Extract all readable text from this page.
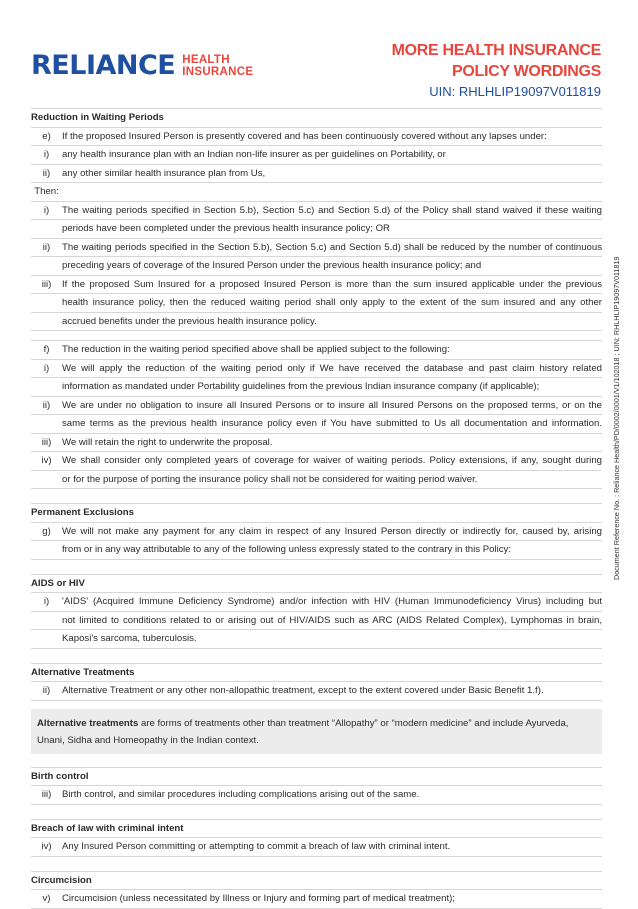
RELIANCE HEALTH
INSURANCE
MORE HEALTH INSURANCE
POLICY WORDINGS
UIN: RHLHLIP19097V011819
Document Reference No. : Reliance Health/PD/0002/0001/V1/102018 ; UIN: RHLHLIP19097V011819
Reduction in Waiting Periods
e)	If the proposed Insured Person is presently covered and has been continuously covered without any lapses under:
i)	any health insurance plan with an Indian non-life insurer as per guidelines on Portability, or
ii)	any other similar health insurance plan from Us,
Then:
i)	The waiting periods specified in Section 5.b), Section 5.c) and Section 5.d) of the Policy shall stand waived if these waiting
periods have been completed under the previous health insurance policy; OR
ii)	The waiting periods specified in the Section 5.b), Section 5.c) and Section 5.d) shall be reduced by the number of continuous
preceding years of coverage of the Insured Person under the previous health insurance policy; and
iii)	If the proposed Sum Insured for a proposed Insured Person is more than the sum insured applicable under the previous
health insurance policy, then the reduced waiting period shall only apply to the extent of the sum insured and any other
accrued benefits under the previous health insurance policy.
f)	The reduction in the waiting period specified above shall be applied subject to the following:
i)	We will apply the reduction of the waiting period only if We have received the database and past claim history related
information as mandated under Portability guidelines from the previous Indian insurance company (if applicable);
ii)	We are under no obligation to insure all Insured Persons or to insure all Insured Persons on the proposed terms, or on the
same terms as the previous health insurance policy even if You have submitted to Us all documentation and information.
iii)	We will retain the right to underwrite the proposal.
iv)	We shall consider only completed years of coverage for waiver of waiting periods. Policy extensions, if any, sought during
or for the purpose of porting the insurance policy shall not be considered for waiting period waiver.
Permanent Exclusions
g)	We will not make any payment for any claim in respect of any Insured Person directly or indirectly for, caused by, arising
from or in any way attributable to any of the following unless expressly stated to the contrary in this Policy:
AIDS or HIV
i)	'AIDS' (Acquired Immune Deficiency Syndrome) and/or infection with HIV (Human Immunodeficiency Virus) including but
not limited to conditions related to or arising out of HIV/AIDS such as ARC (AIDS Related Complex), Lymphomas in brain,
Kaposi's sarcoma, tuberculosis.
Alternative Treatments
ii)	Alternative Treatment or any other non-allopathic treatment, except to the extent covered under Basic Benefit 1.f).
Alternative treatments are forms of treatments other than treatment “Allopathy” or “modern medicine” and include Ayurveda,
Unani, Sidha and Homeopathy in the Indian context.
Birth control
iii)	Birth control, and similar procedures including complications arising out of the same.
Breach of law with criminal intent
iv)	Any Insured Person committing or attempting to commit a breach of law with criminal intent.
Circumcision
v)	Circumcision (unless necessitated by Illness or Injury and forming part of medical treatment);
